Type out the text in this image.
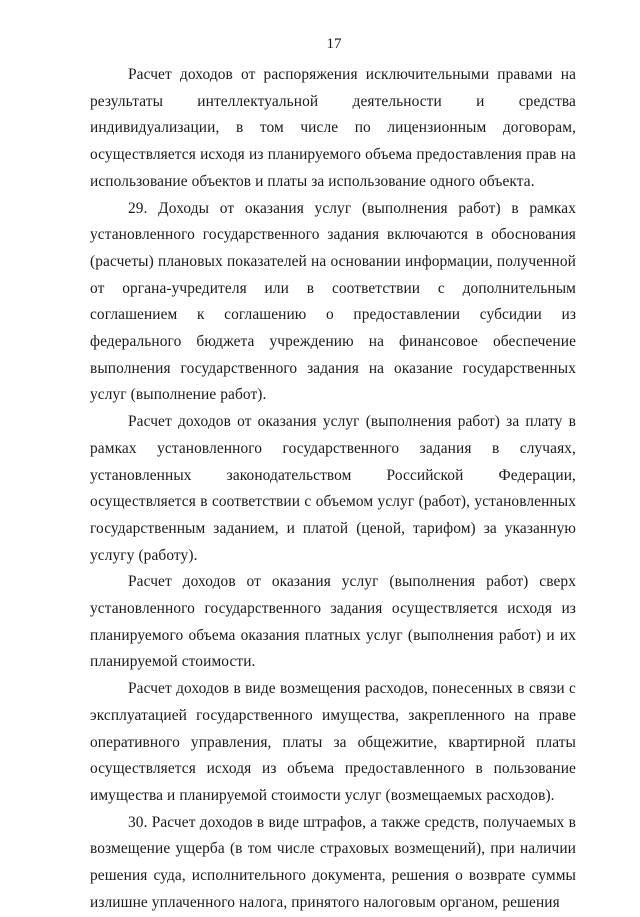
17

Расчет доходов от распоряжения исключительными правами на результаты интеллектуальной деятельности и средства индивидуализации, в том числе по лицензионным договорам, осуществляется исходя из планируемого объема предоставления прав на использование объектов и платы за использование одного объекта.

29. Доходы от оказания услуг (выполнения работ) в рамках установленного государственного задания включаются в обоснования (расчеты) плановых показателей на основании информации, полученной от органа-учредителя или в соответствии с дополнительным соглашением к соглашению о предоставлении субсидии из федерального бюджета учреждению на финансовое обеспечение выполнения государственного задания на оказание государственных услуг (выполнение работ).

Расчет доходов от оказания услуг (выполнения работ) за плату в рамках установленного государственного задания в случаях, установленных законодательством Российской Федерации, осуществляется в соответствии с объемом услуг (работ), установленных государственным заданием, и платой (ценой, тарифом) за указанную услугу (работу).

Расчет доходов от оказания услуг (выполнения работ) сверх установленного государственного задания осуществляется исходя из планируемого объема оказания платных услуг (выполнения работ) и их планируемой стоимости.

Расчет доходов в виде возмещения расходов, понесенных в связи с эксплуатацией государственного имущества, закрепленного на праве оперативного управления, платы за общежитие, квартирной платы осуществляется исходя из объема предоставленного в пользование имущества и планируемой стоимости услуг (возмещаемых расходов).

30. Расчет доходов в виде штрафов, а также средств, получаемых в возмещение ущерба (в том числе страховых возмещений), при наличии решения суда, исполнительного документа, решения о возврате суммы излишне уплаченного налога, принятого налоговым органом, решения
